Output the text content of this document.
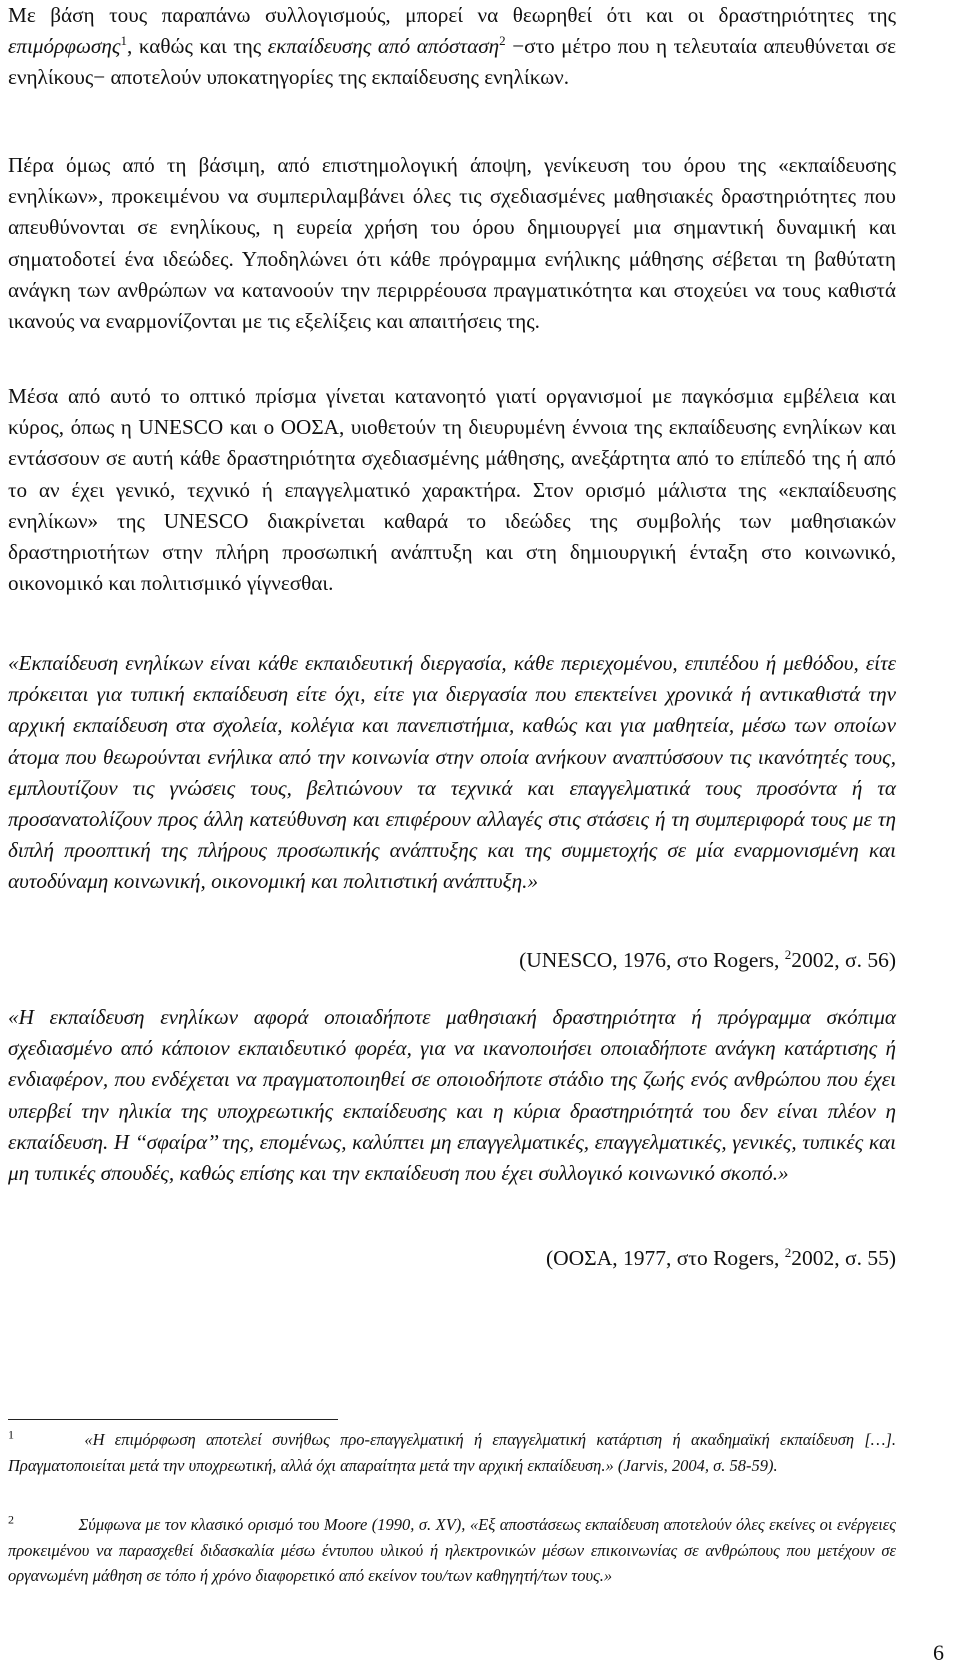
Με βάση τους παραπάνω συλλογισμούς, μπορεί να θεωρηθεί ότι και οι δραστηριότητες της επιμόρφωσης$^1$, καθώς και της εκπαίδευσης από απόσταση$^2$ −στο μέτρο που η τελευταία απευθύνεται σε ενηλίκους− αποτελούν υποκατηγορίες της εκπαίδευσης ενηλίκων.

Πέρα όμως από τη βάσιμη, από επιστημολογική άποψη, γενίκευση του όρου της «εκπαίδευσης ενηλίκων», προκειμένου να συμπεριλαμβάνει όλες τις σχεδιασμένες μαθησιακές δραστηριότητες που απευθύνονται σε ενηλίκους, η ευρεία χρήση του όρου δημιουργεί μια σημαντική δυναμική και σηματοδοτεί ένα ιδεώδες. Υποδηλώνει ότι κάθε πρόγραμμα ενήλικης μάθησης σέβεται τη βαθύτατη ανάγκη των ανθρώπων να κατανοούν την περιρρέουσα πραγματικότητα και στοχεύει να τους καθιστά ικανούς να εναρμονίζονται με τις εξελίξεις και απαιτήσεις της.

Μέσα από αυτό το οπτικό πρίσμα γίνεται κατανοητό γιατί οργανισμοί με παγκόσμια εμβέλεια και κύρος, όπως η UNESCO και ο ΟΟΣΑ, υιοθετούν τη διευρυμένη έννοια της εκπαίδευσης ενηλίκων και εντάσσουν σε αυτή κάθε δραστηριότητα σχεδιασμένης μάθησης, ανεξάρτητα από το επίπεδό της ή από το αν έχει γενικό, τεχνικό ή επαγγελματικό χαρακτήρα. Στον ορισμό μάλιστα της «εκπαίδευσης ενηλίκων» της UNESCO διακρίνεται καθαρά το ιδεώδες της συμβολής των μαθησιακών δραστηριοτήτων στην πλήρη προσωπική ανάπτυξη και στη δημιουργική ένταξη στο κοινωνικό, οικονομικό και πολιτισμικό γίγνεσθαι.

«Εκπαίδευση ενηλίκων είναι κάθε εκπαιδευτική διεργασία, κάθε περιεχομένου, επιπέδου ή μεθόδου, είτε πρόκειται για τυπική εκπαίδευση είτε όχι, είτε για διεργασία που επεκτείνει χρονικά ή αντικαθιστά την αρχική εκπαίδευση στα σχολεία, κολέγια και πανεπιστήμια, καθώς και για μαθητεία, μέσω των οποίων άτομα που θεωρούνται ενήλικα από την κοινωνία στην οποία ανήκουν αναπτύσσουν τις ικανότητές τους, εμπλουτίζουν τις γνώσεις τους, βελτιώνουν τα τεχνικά και επαγγελματικά τους προσόντα ή τα προσανατολίζουν προς άλλη κατεύθυνση και επιφέρουν αλλαγές στις στάσεις ή τη συμπεριφορά τους με τη διπλή προοπτική της πλήρους προσωπικής ανάπτυξης και της συμμετοχής σε μία εναρμονισμένη και αυτοδύναμη κοινωνική, οικονομική και πολιτιστική ανάπτυξη.»

(UNESCO, 1976, στο Rogers, $^2$2002, σ. 56)

«Η εκπαίδευση ενηλίκων αφορά οποιαδήποτε μαθησιακή δραστηριότητα ή πρόγραμμα σκόπιμα σχεδιασμένο από κάποιον εκπαιδευτικό φορέα, για να ικανοποιήσει οποιαδήποτε ανάγκη κατάρτισης ή ενδιαφέρον, που ενδέχεται να πραγματοποιηθεί σε οποιοδήποτε στάδιο της ζωής ενός ανθρώπου που έχει υπερβεί την ηλικία της υποχρεωτικής εκπαίδευσης και η κύρια δραστηριότητά του δεν είναι πλέον η εκπαίδευση. Η ‘‘σφαίρα’’ της, επομένως, καλύπτει μη επαγγελματικές, επαγγελματικές, γενικές, τυπικές και μη τυπικές σπουδές, καθώς επίσης και την εκπαίδευση που έχει συλλογικό κοινωνικό σκοπό.»

(ΟΟΣΑ, 1977, στο Rogers, $^2$2002, σ. 55)

$^1$	«Η επιμόρφωση αποτελεί συνήθως προ-επαγγελματική ή επαγγελματική κατάρτιση ή ακαδημαϊκή εκπαίδευση […]. Πραγματοποιείται μετά την υποχρεωτική, αλλά όχι απαραίτητα μετά την αρχική εκπαίδευση.» (Jarvis, 2004, σ. 58-59).
$^2$	Σύμφωνα με τον κλασικό ορισμό του Moore (1990, σ. XV), «Εξ αποστάσεως εκπαίδευση αποτελούν όλες εκείνες οι ενέργειες προκειμένου να παρασχεθεί διδασκαλία μέσω έντυπου υλικού ή ηλεκτρονικών μέσων επικοινωνίας σε ανθρώπους που μετέχουν σε οργανωμένη μάθηση σε τόπο ή χρόνο διαφορετικό από εκείνον του/των καθηγητή/των τους.»
6
